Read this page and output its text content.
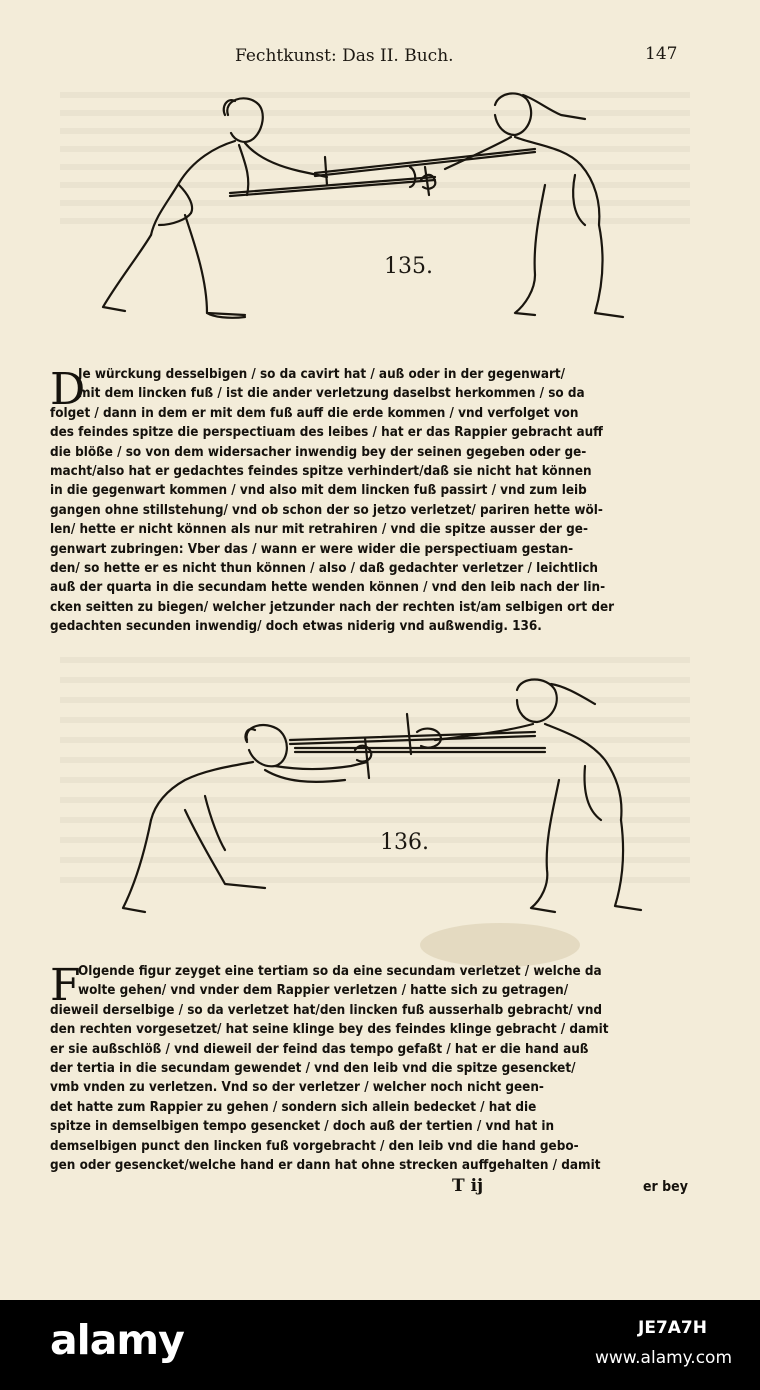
Fechtkunst: Das II. Buch.	147
135.
D
Je würckung desselbigen / so da cavirt hat / auß oder in der gegenwart/
mit dem lincken fuß / ist die ander verletzung daselbst herkommen / so da
folget / dann in dem er mit dem fuß auff die erde kommen / vnd verfolget von
des feindes spitze die perspectiuam des leibes / hat er das Rappier gebracht auff
die blöße / so von dem widersacher inwendig bey der seinen gegeben oder ge-
macht/also hat er gedachtes feindes spitze verhindert/daß sie nicht hat können
in die gegenwart kommen / vnd also mit dem lincken fuß passirt / vnd zum leib
gangen ohne stillstehung/ vnd ob schon der so jetzo verletzet/ pariren hette wöl-
len/ hette er nicht können als nur mit retrahiren / vnd die spitze ausser der ge-
genwart zubringen: Vber das / wann er were wider die perspectiuam gestan-
den/ so hette er es nicht thun können / also / daß gedachter verletzer / leichtlich
auß der quarta in die secundam hette wenden können / vnd den leib nach der lin-
cken seitten zu biegen/ welcher jetzunder nach der rechten ist/am selbigen ort der
gedachten secunden inwendig/ doch etwas niderig vnd außwendig. 136.
136.
F
Olgende figur zeyget eine tertiam so da eine secundam verletzet / welche da
wolte gehen/ vnd vnder dem Rappier verletzen / hatte sich zu getragen/
dieweil derselbige / so da verletzet hat/den lincken fuß ausserhalb gebracht/ vnd
den rechten vorgesetzet/ hat seine klinge bey des feindes klinge gebracht / damit
er sie außschlöß / vnd dieweil der feind das tempo gefaßt / hat er die hand auß
der tertia in die secundam gewendet / vnd den leib vnd die spitze gesencket/
vmb vnden zu verletzen. Vnd so der verletzer / welcher noch nicht geen-
det hatte zum Rappier zu gehen / sondern sich allein bedecket / hat die
spitze in demselbigen tempo gesencket / doch auß der tertien / vnd hat in
demselbigen punct den lincken fuß vorgebracht / den leib vnd die hand gebo-
gen oder gesencket/welche hand er dann hat ohne strecken auffgehalten / damit
T ij	er bey
alamy	JE7A7H
www.alamy.com
